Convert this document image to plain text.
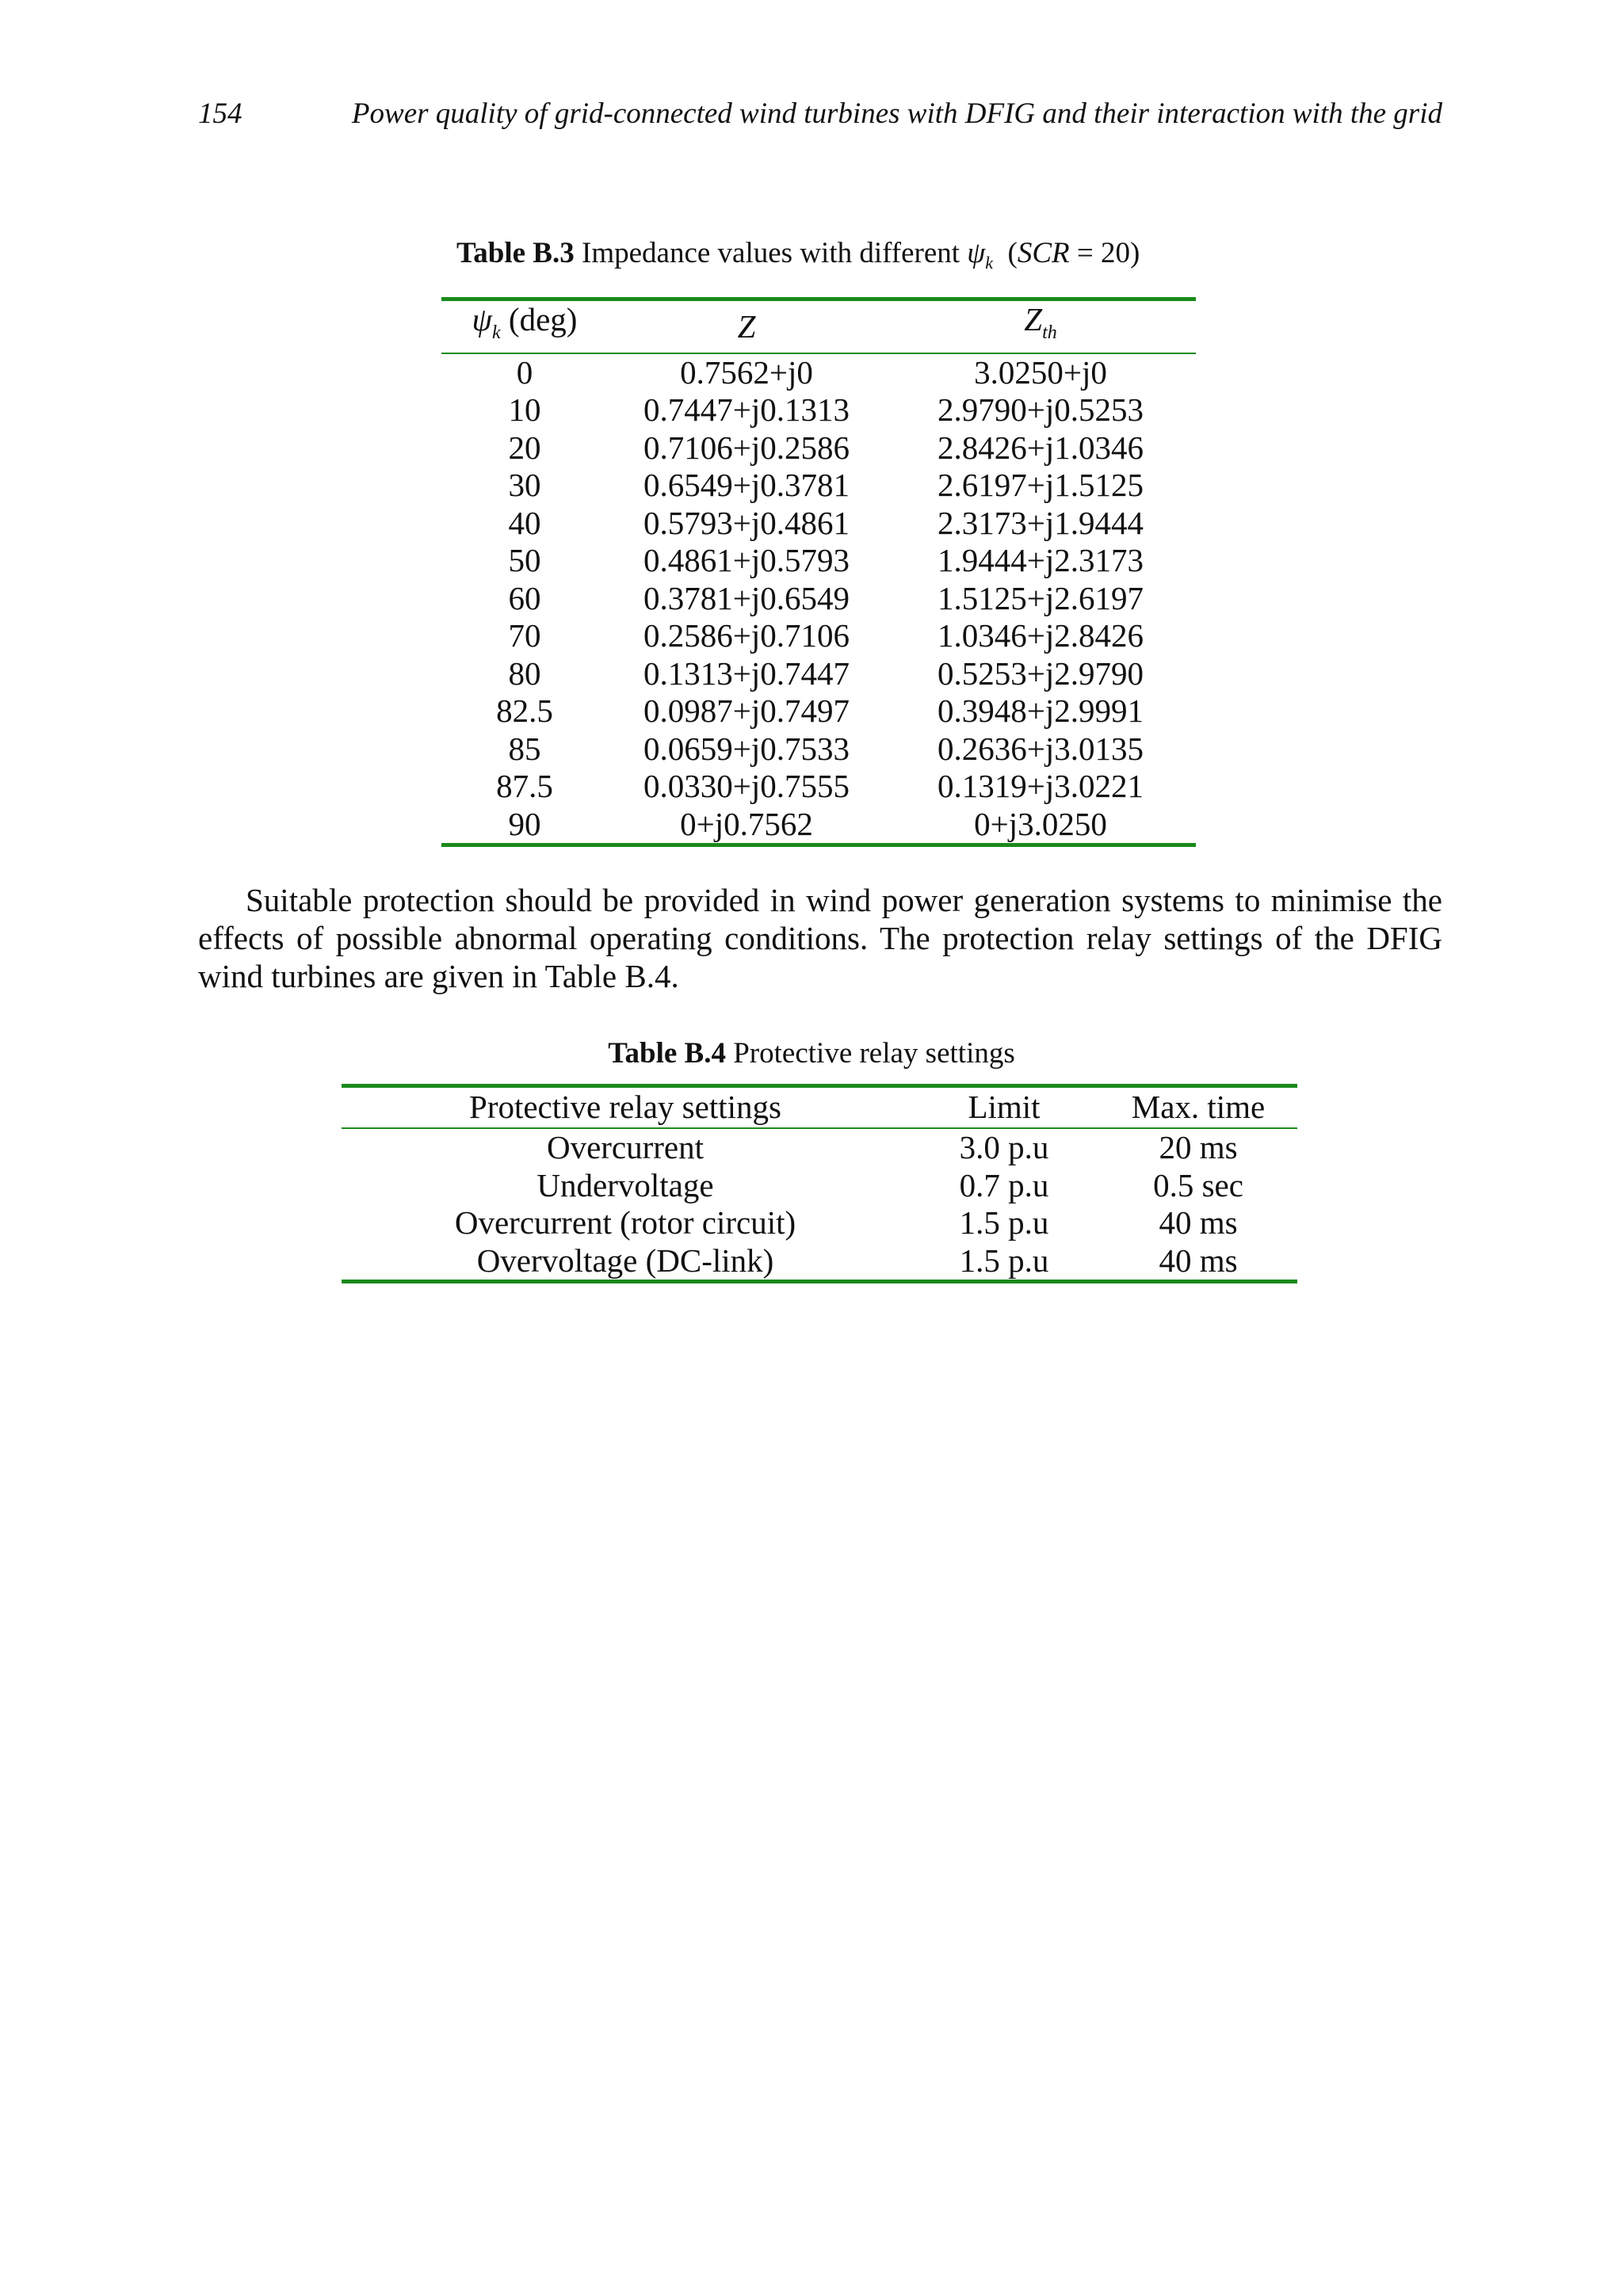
154	Power quality of grid-connected wind turbines with DFIG and their interaction with the grid
Table B.3 Impedance values with different $\psi_k$  (SCR = 20)
$\psi_k$ (deg)	Z	$Z_{th}$
0	0.7562+j0	3.0250+j0
10	0.7447+j0.1313	2.9790+j0.5253
20	0.7106+j0.2586	2.8426+j1.0346
30	0.6549+j0.3781	2.6197+j1.5125
40	0.5793+j0.4861	2.3173+j1.9444
50	0.4861+j0.5793	1.9444+j2.3173
60	0.3781+j0.6549	1.5125+j2.6197
70	0.2586+j0.7106	1.0346+j2.8426
80	0.1313+j0.7447	0.5253+j2.9790
82.5	0.0987+j0.7497	0.3948+j2.9991
85	0.0659+j0.7533	0.2636+j3.0135
87.5	0.0330+j0.7555	0.1319+j3.0221
90	0+j0.7562	0+j3.0250

Suitable protection should be provided in wind power generation systems to minimise the effects of possible abnormal operating conditions. The protection relay settings of the DFIG wind turbines are given in Table B.4.

Table B.4 Protective relay settings
Protective relay settings	Limit	Max. time
Overcurrent	3.0 p.u	20 ms
Undervoltage	0.7 p.u	0.5 sec
Overcurrent (rotor circuit)	1.5 p.u	40 ms
Overvoltage (DC-link)	1.5 p.u	40 ms
